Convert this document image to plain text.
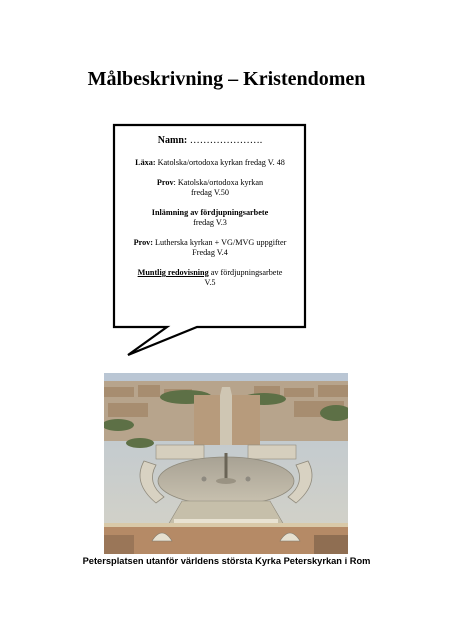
Målbeskrivning – Kristendomen

Namn: ………………….

Läxa: Katolska/ortodoxa kyrkan fredag V. 48

Prov: Katolska/ortodoxa kyrkan
fredag V.50

Inlämning av fördjupningsarbete
fredag V.3

Prov: Lutherska kyrkan + VG/MVG uppgifter
Fredag V.4

Muntlig redovisning av fördjupningsarbete
V.5

Petersplatsen utanför världens största Kyrka Peterskyrkan i Rom
